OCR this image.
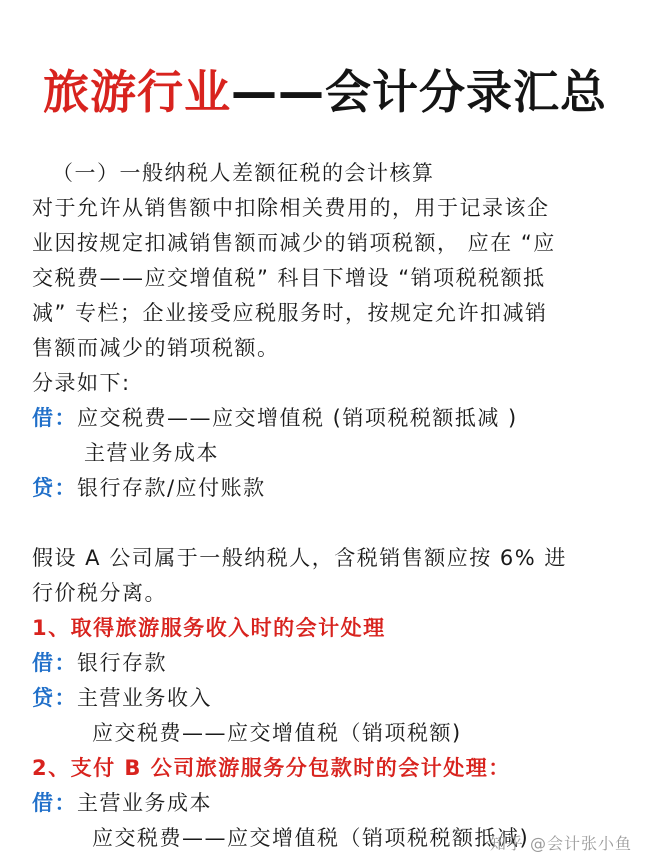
旅游行业——会计分录汇总
（一）一般纳税人差额征税的会计核算
对于允许从销售额中扣除相关费用的，用于记录该企
业因按规定扣减销售额而减少的销项税额， 应在 “应
交税费——应交增值税” 科目下增设 “销项税税额抵
减” 专栏；企业接受应税服务时，按规定允许扣减销
售额而减少的销项税额。
分录如下:
借：应交税费——应交增值税 (销项税税额抵减 )
主营业务成本
贷：银行存款/应付账款
假设 A 公司属于一般纳税人，含税销售额应按 6% 进
行价税分离。
1、取得旅游服务收入时的会计处理
借：银行存款
贷：主营业务收入
应交税费——应交增值税（销项税额)
2、支付 B 公司旅游服务分包款时的会计处理：
借：主营业务成本
应交税费——应交增值税（销项税税额抵减)
知乎 @会计张小鱼
